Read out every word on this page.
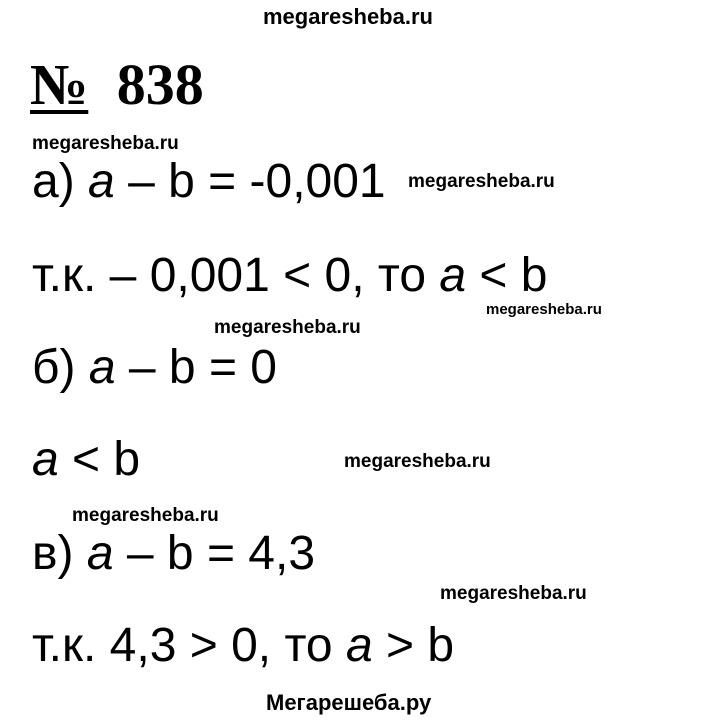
megaresheba.ru
№ 838
megaresheba.ru
megaresheba.ru
megaresheba.ru
megaresheba.ru
megaresheba.ru
megaresheba.ru
megaresheba.ru
а) a – b = -0,001
т.к. – 0,001 < 0, то a < b
б) a – b = 0
a < b
в) a – b = 4,3
т.к. 4,3 > 0, то a > b
Мегарешеба.ру
